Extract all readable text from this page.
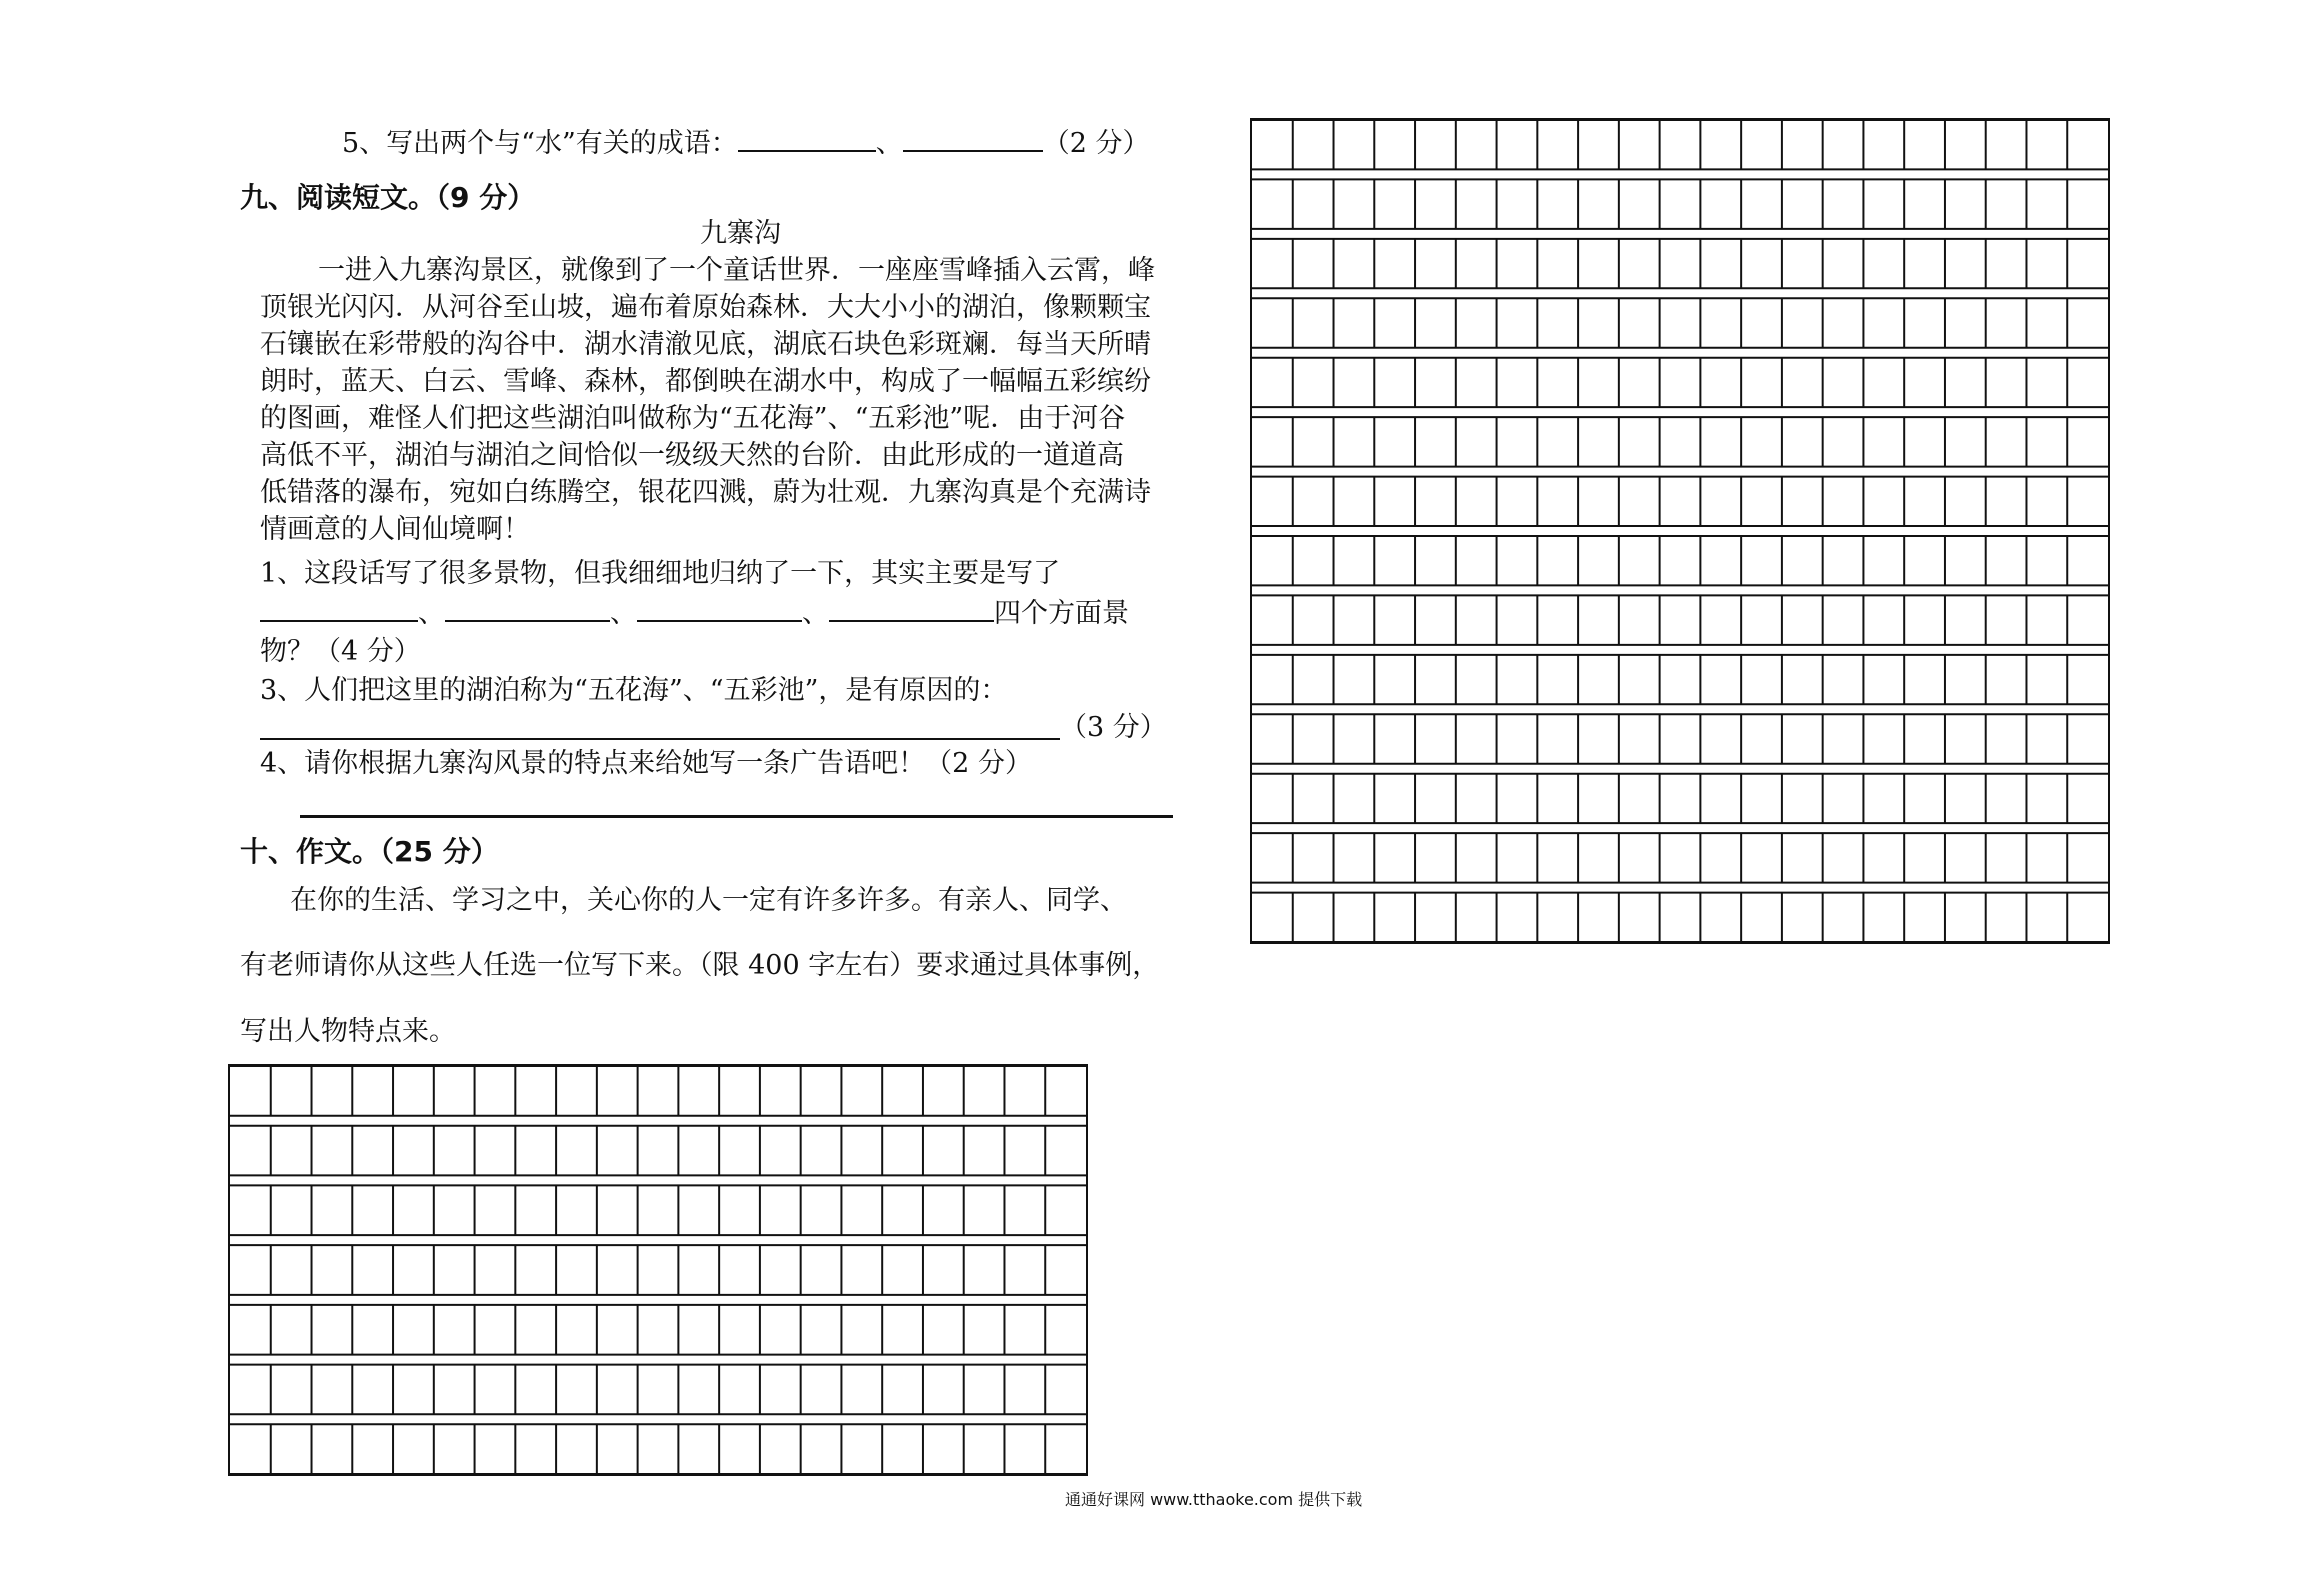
5、写出两个与“水”有关的成语：	、	（2 分）
九、阅读短文。（9 分）
九寨沟
一进入九寨沟景区，就像到了一个童话世界．一座座雪峰插入云霄，峰
顶银光闪闪．从河谷至山坡，遍布着原始森林．大大小小的湖泊，像颗颗宝
石镶嵌在彩带般的沟谷中．湖水清澈见底，湖底石块色彩斑斓．每当天所晴
朗时，蓝天、白云、雪峰、森林，都倒映在湖水中，构成了一幅幅五彩缤纷
的图画，难怪人们把这些湖泊叫做称为“五花海”、“五彩池”呢．由于河谷
高低不平，湖泊与湖泊之间恰似一级级天然的台阶．由此形成的一道道高
低错落的瀑布，宛如白练腾空，银花四溅，蔚为壮观．九寨沟真是个充满诗
情画意的人间仙境啊！
1、这段话写了很多景物，但我细细地归纳了一下，其实主要是写了
、	、	、	四个方面景
物？（4 分）
3、人们把这里的湖泊称为“五花海”、“五彩池”，是有原因的：
（3 分）
4、请你根据九寨沟风景的特点来给她写一条广告语吧！（2 分）
十、作文。（25 分）
在你的生活、学习之中，关心你的人一定有许多许多。有亲人、同学、
有老师请你从这些人任选一位写下来。（限 400 字左右）要求通过具体事例，
写出人物特点来。
通通好课网 www.tthaoke.com 提供下载
